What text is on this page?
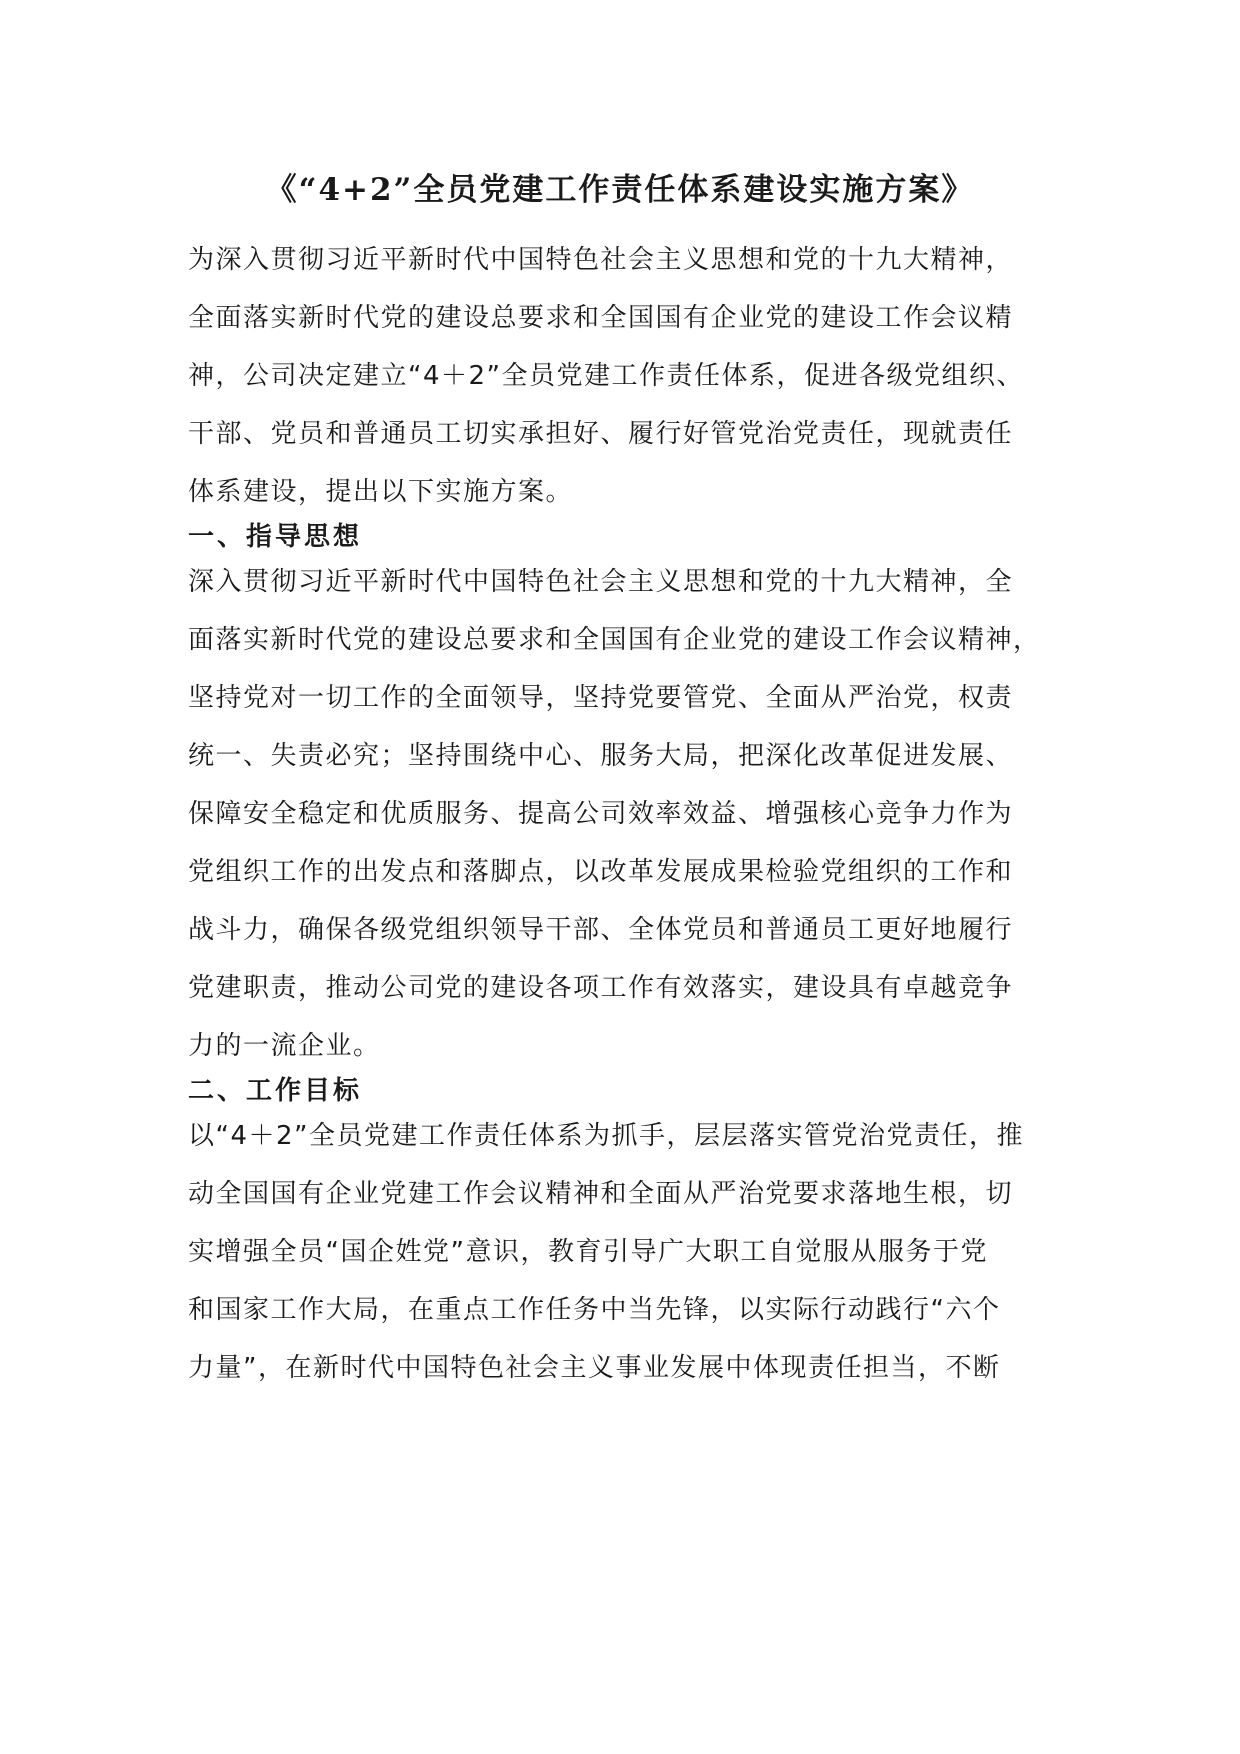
《“4+2”全员党建工作责任体系建设实施方案》
为深入贯彻习近平新时代中国特色社会主义思想和党的十九大精神，
全面落实新时代党的建设总要求和全国国有企业党的建设工作会议精
神，公司决定建立“4＋2”全员党建工作责任体系，促进各级党组织、
干部、党员和普通员工切实承担好、履行好管党治党责任，现就责任
体系建设，提出以下实施方案。
一、指导思想
深入贯彻习近平新时代中国特色社会主义思想和党的十九大精神，全
面落实新时代党的建设总要求和全国国有企业党的建设工作会议精神，
坚持党对一切工作的全面领导，坚持党要管党、全面从严治党，权责
统一、失责必究；坚持围绕中心、服务大局，把深化改革促进发展、
保障安全稳定和优质服务、提高公司效率效益、增强核心竞争力作为
党组织工作的出发点和落脚点，以改革发展成果检验党组织的工作和
战斗力，确保各级党组织领导干部、全体党员和普通员工更好地履行
党建职责，推动公司党的建设各项工作有效落实，建设具有卓越竞争
力的一流企业。
二、工作目标
以“4＋2”全员党建工作责任体系为抓手，层层落实管党治党责任，推
动全国国有企业党建工作会议精神和全面从严治党要求落地生根，切
实增强全员“国企姓党”意识，教育引导广大职工自觉服从服务于党
和国家工作大局，在重点工作任务中当先锋，以实际行动践行“六个
力量”，在新时代中国特色社会主义事业发展中体现责任担当，不断
